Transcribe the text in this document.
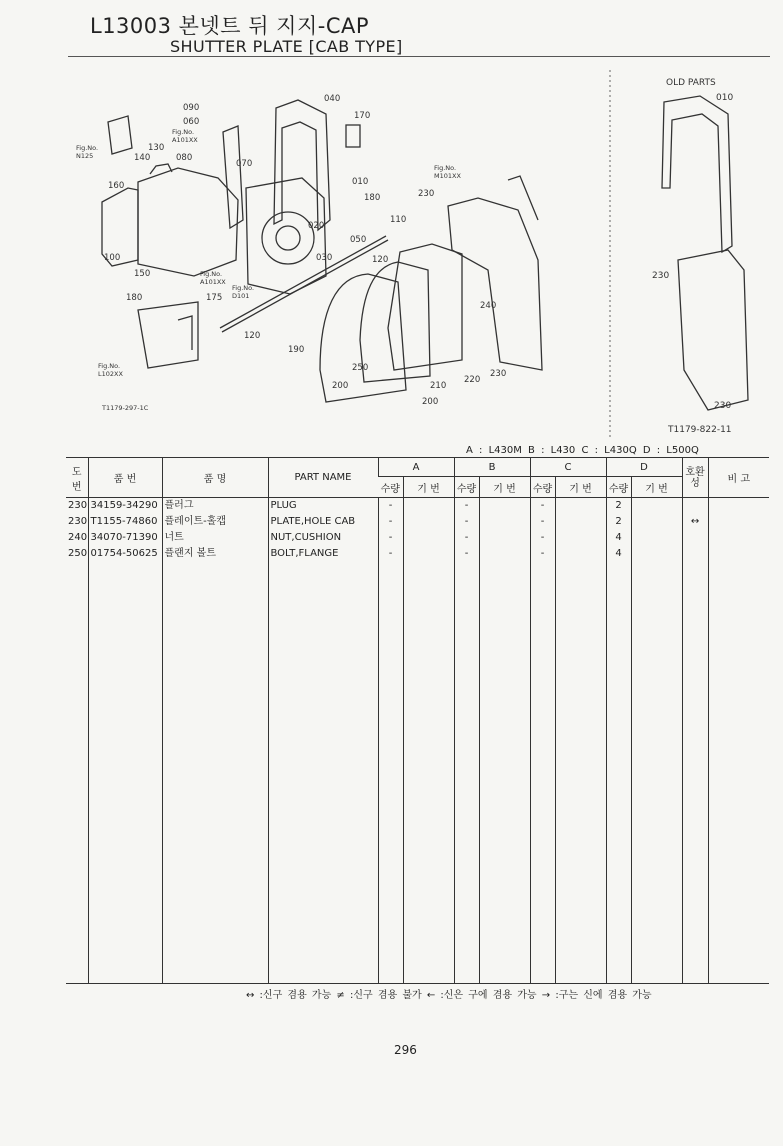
L13003 본넷트 뒤 지지-CAP
SHUTTER PLATE [CAB TYPE]
090
060
040
170
130
140	080
070
010
160
180	230
050
110
020
030
100	120
150
175
180
120
240
190
250
200	210
220
230
200
Fig.No.
N125
Fig.No.
A101XX
Fig.No.
M101XX
Fig.No.
A101XX
Fig.No.
D101
Fig.No.
L102XX
T1179-297-1C
OLD PARTS
010
230
230
T1179-822-11
A : L430M B : L430 C : L430Q D : L500Q
도
번	품 번	품 명	PART NAME	A		B		C		D		호환성	비 고
				수량	기 번	수량	기 번	수량	기 번	수량	기 번		
230	34159-34290	플러그	PLUG	-		-		-		2			
230	T1155-74860	플레이트-홀캡	PLATE,HOLE CAB	-		-		-		2		↔	
240	34070-71390	너트	NUT,CUSHION	-		-		-		4			
250	01754-50625	플랜지 볼트	BOLT,FLANGE	-		-		-		4			

↔ :신구 겸용 가능 ≠ :신구 겸용 불가 ← :신은 구에 겸용 가능 → :구는 신에 겸용 가능
296
